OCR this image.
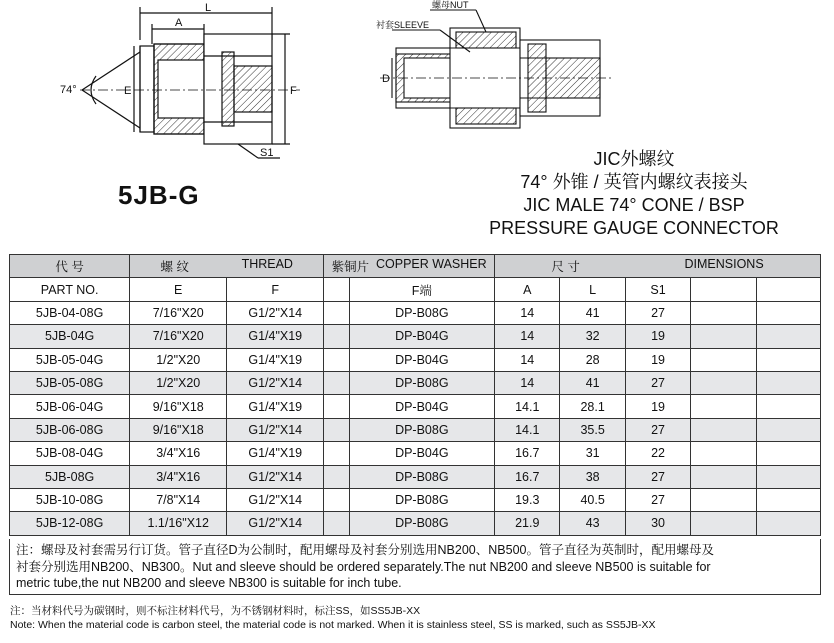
74°
A
L
E	F
S1
D
螺母NUT
衬套SLEEVE
5JB-G
JIC外螺纹
74° 外锥 / 英管内螺纹表接头
JIC MALE 74° CONE / BSP
PRESSURE GAUGE CONNECTOR
代 号	螺 纹 THREAD		紫铜片 COPPER WASHER		尺 寸 DIMENSIONS				

PART NO.	E	F		F端	A	L	S1		
5JB-04-08G	7/16"X20	G1/2"X14		DP-B08G	14	41	27		
5JB-04G	7/16"X20	G1/4"X19		DP-B04G	14	32	19		
5JB-05-04G	1/2"X20	G1/4"X19		DP-B04G	14	28	19		
5JB-05-08G	1/2"X20	G1/2"X14		DP-B08G	14	41	27		
5JB-06-04G	9/16"X18	G1/4"X19		DP-B04G	14.1	28.1	19		
5JB-06-08G	9/16"X18	G1/2"X14		DP-B08G	14.1	35.5	27		
5JB-08-04G	3/4"X16	G1/4"X19		DP-B04G	16.7	31	22		
5JB-08G	3/4"X16	G1/2"X14		DP-B08G	16.7	38	27		
5JB-10-08G	7/8"X14	G1/2"X14		DP-B08G	19.3	40.5	27		
5JB-12-08G	1.1/16"X12	G1/2"X14		DP-B08G	21.9	43	30		
注：螺母及衬套需另行订货。管子直径D为公制时，配用螺母及衬套分别选用NB200、NB500。管子直径为英制时，配用螺母及
衬套分别选用NB200、NB300。Nut and sleeve should be ordered separately.The nut NB200 and sleeve NB500 is suitable for
metric tube,the nut NB200 and sleeve NB300 is suitable for inch tube.
注：当材料代号为碳钢时，则不标注材料代号，为不锈钢材料时，标注SS，如SS5JB-XX
Note: When the material code is carbon steel, the material code is not marked. When it is stainless steel, SS is marked, such as SS5JB-XX
